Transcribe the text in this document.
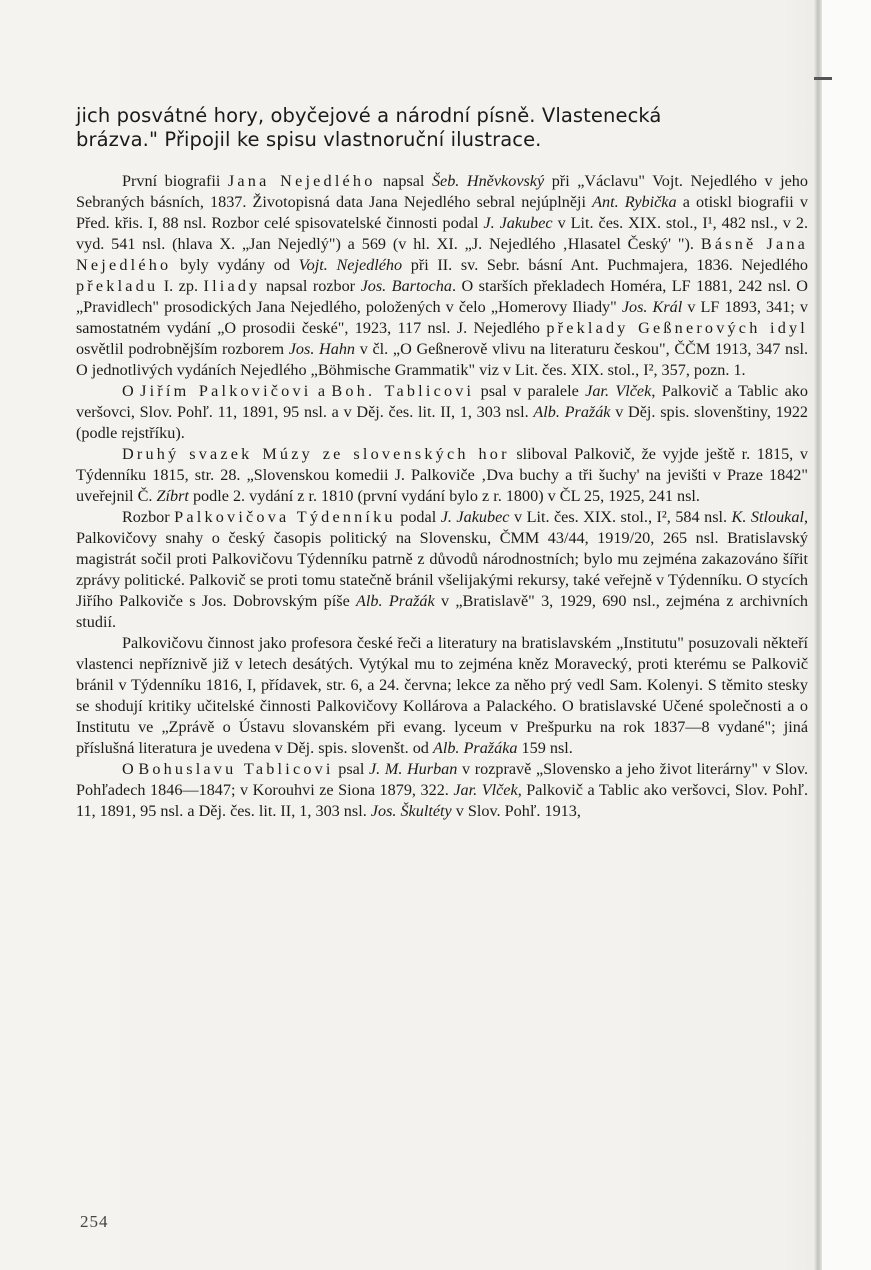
jich posvátné hory, obyčejové a národní písně. Vlastenecká
brázva." Připojil ke spisu vlastnoruční ilustrace.

První biografii Jana Nejedlého napsal Šeb. Hněvkovský při „Václavu" Vojt. Nejedlého v jeho Sebraných básních, 1837. Životopisná data Jana Nejedlého sebral nejúplněji Ant. Rybička a otiskl biografii v Před. křis. I, 88 nsl. Rozbor celé spisovatelské činnosti podal J. Jakubec v Lit. čes. XIX. stol., I¹, 482 nsl., v 2. vyd. 541 nsl. (hlava X. „Jan Nejedlý") a 569 (v hl. XI. „J. Nejedlého ‚Hlasatel Český' "). Básně Jana Nejedlého byly vydány od Vojt. Nejedlého při II. sv. Sebr. básní Ant. Puchmajera, 1836. Nejedlého překladu I. zp. Iliady napsal rozbor Jos. Bartocha. O starších překladech Homéra, LF 1881, 242 nsl. O „Pravidlech" prosodických Jana Nejedlého, položených v čelo „Homerovy Iliady" Jos. Král v LF 1893, 341; v samostatném vydání „O prosodii české", 1923, 117 nsl. J. Nejedlého překlady Geßnerových idyl osvětlil podrobnějším rozborem Jos. Hahn v čl. „O Geßnerově vlivu na literaturu českou", ČČM 1913, 347 nsl. O jednotlivých vydáních Nejedlého „Böhmische Grammatik" viz v Lit. čes. XIX. stol., I², 357, pozn. 1.

O Jiřím Palkovičovi a Boh. Tablicovi psal v paralele Jar. Vlček, Palkovič a Tablic ako veršovci, Slov. Pohľ. 11, 1891, 95 nsl. a v Děj. čes. lit. II, 1, 303 nsl. Alb. Pražák v Děj. spis. slovenštiny, 1922 (podle rejstříku).

Druhý svazek Múzy ze slovenských hor sliboval Palkovič, že vyjde ještě r. 1815, v Týdenníku 1815, str. 28. „Slovenskou komedii J. Palkoviče ‚Dva buchy a tři šuchy' na jevišti v Praze 1842" uveřejnil Č. Zíbrt podle 2. vydání z r. 1810 (první vydání bylo z r. 1800) v ČL 25, 1925, 241 nsl.

Rozbor Palkovičova Týdenníku podal J. Jakubec v Lit. čes. XIX. stol., I², 584 nsl. K. Stloukal, Palkovičovy snahy o český časopis politický na Slovensku, ČMM 43/44, 1919/20, 265 nsl. Bratislavský magistrát sočil proti Palkovičovu Týdenníku patrně z důvodů národnostních; bylo mu zejména zakazováno šířit zprávy politické. Palkovič se proti tomu statečně bránil všelijakými rekursy, také veřejně v Týdenníku. O stycích Jiřího Palkoviče s Jos. Dobrovským píše Alb. Pražák v „Bratislavě" 3, 1929, 690 nsl., zejména z archivních studií.

Palkovičovu činnost jako profesora české řeči a literatury na bratislavském „Institutu" posuzovali někteří vlastenci nepříznivě již v letech desátých. Vytýkal mu to zejména kněz Moravecký, proti kterému se Palkovič bránil v Týdenníku 1816, I, přídavek, str. 6, a 24. června; lekce za něho prý vedl Sam. Kolenyi. S těmito stesky se shodují kritiky učitelské činnosti Palkovičovy Kollárova a Palackého. O bratislavské Učené společnosti a o Institutu ve „Zprávě o Ústavu slovanském při evang. lyceum v Prešpurku na rok 1837—8 vydané"; jiná příslušná literatura je uvedena v Děj. spis. slovenšt. od Alb. Pražáka 159 nsl.

O Bohuslavu Tablicovi psal J. M. Hurban v rozpravě „Slovensko a jeho život literárny" v Slov. Pohľadech 1846—1847; v Korouhvi ze Siona 1879, 322. Jar. Vlček, Palkovič a Tablic ako veršovci, Slov. Pohľ. 11, 1891, 95 nsl. a Děj. čes. lit. II, 1, 303 nsl. Jos. Škultéty v Slov. Pohľ. 1913,

254
